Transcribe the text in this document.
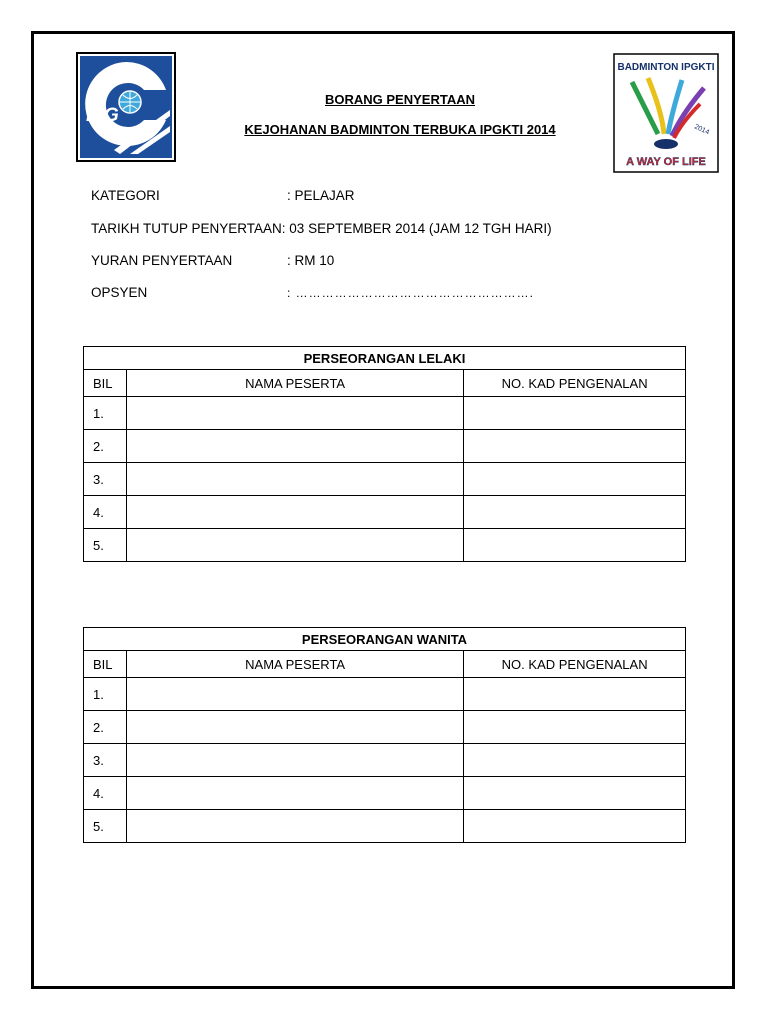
iPG
BADMINTON IPGKTI
2014
A WAY OF LIFE
BORANG PENYERTAAN
KEJOHANAN BADMINTON TERBUKA IPGKTI 2014
KATEGORI	: PELAJAR
TARIKH TUTUP PENYERTAAN: 03 SEPTEMBER 2014 (JAM 12 TGH HARI)
YURAN PENYERTAAN	: RM 10
OPSYEN	: ……………………………………………….
PERSEORANGAN LELAKI		
BIL	NAMA PESERTA	NO. KAD PENGENALAN
1.		
2.		
3.		
4.		
5.		
PERSEORANGAN WANITA		
BIL	NAMA PESERTA	NO. KAD PENGENALAN
1.		
2.		
3.		
4.		
5.		
